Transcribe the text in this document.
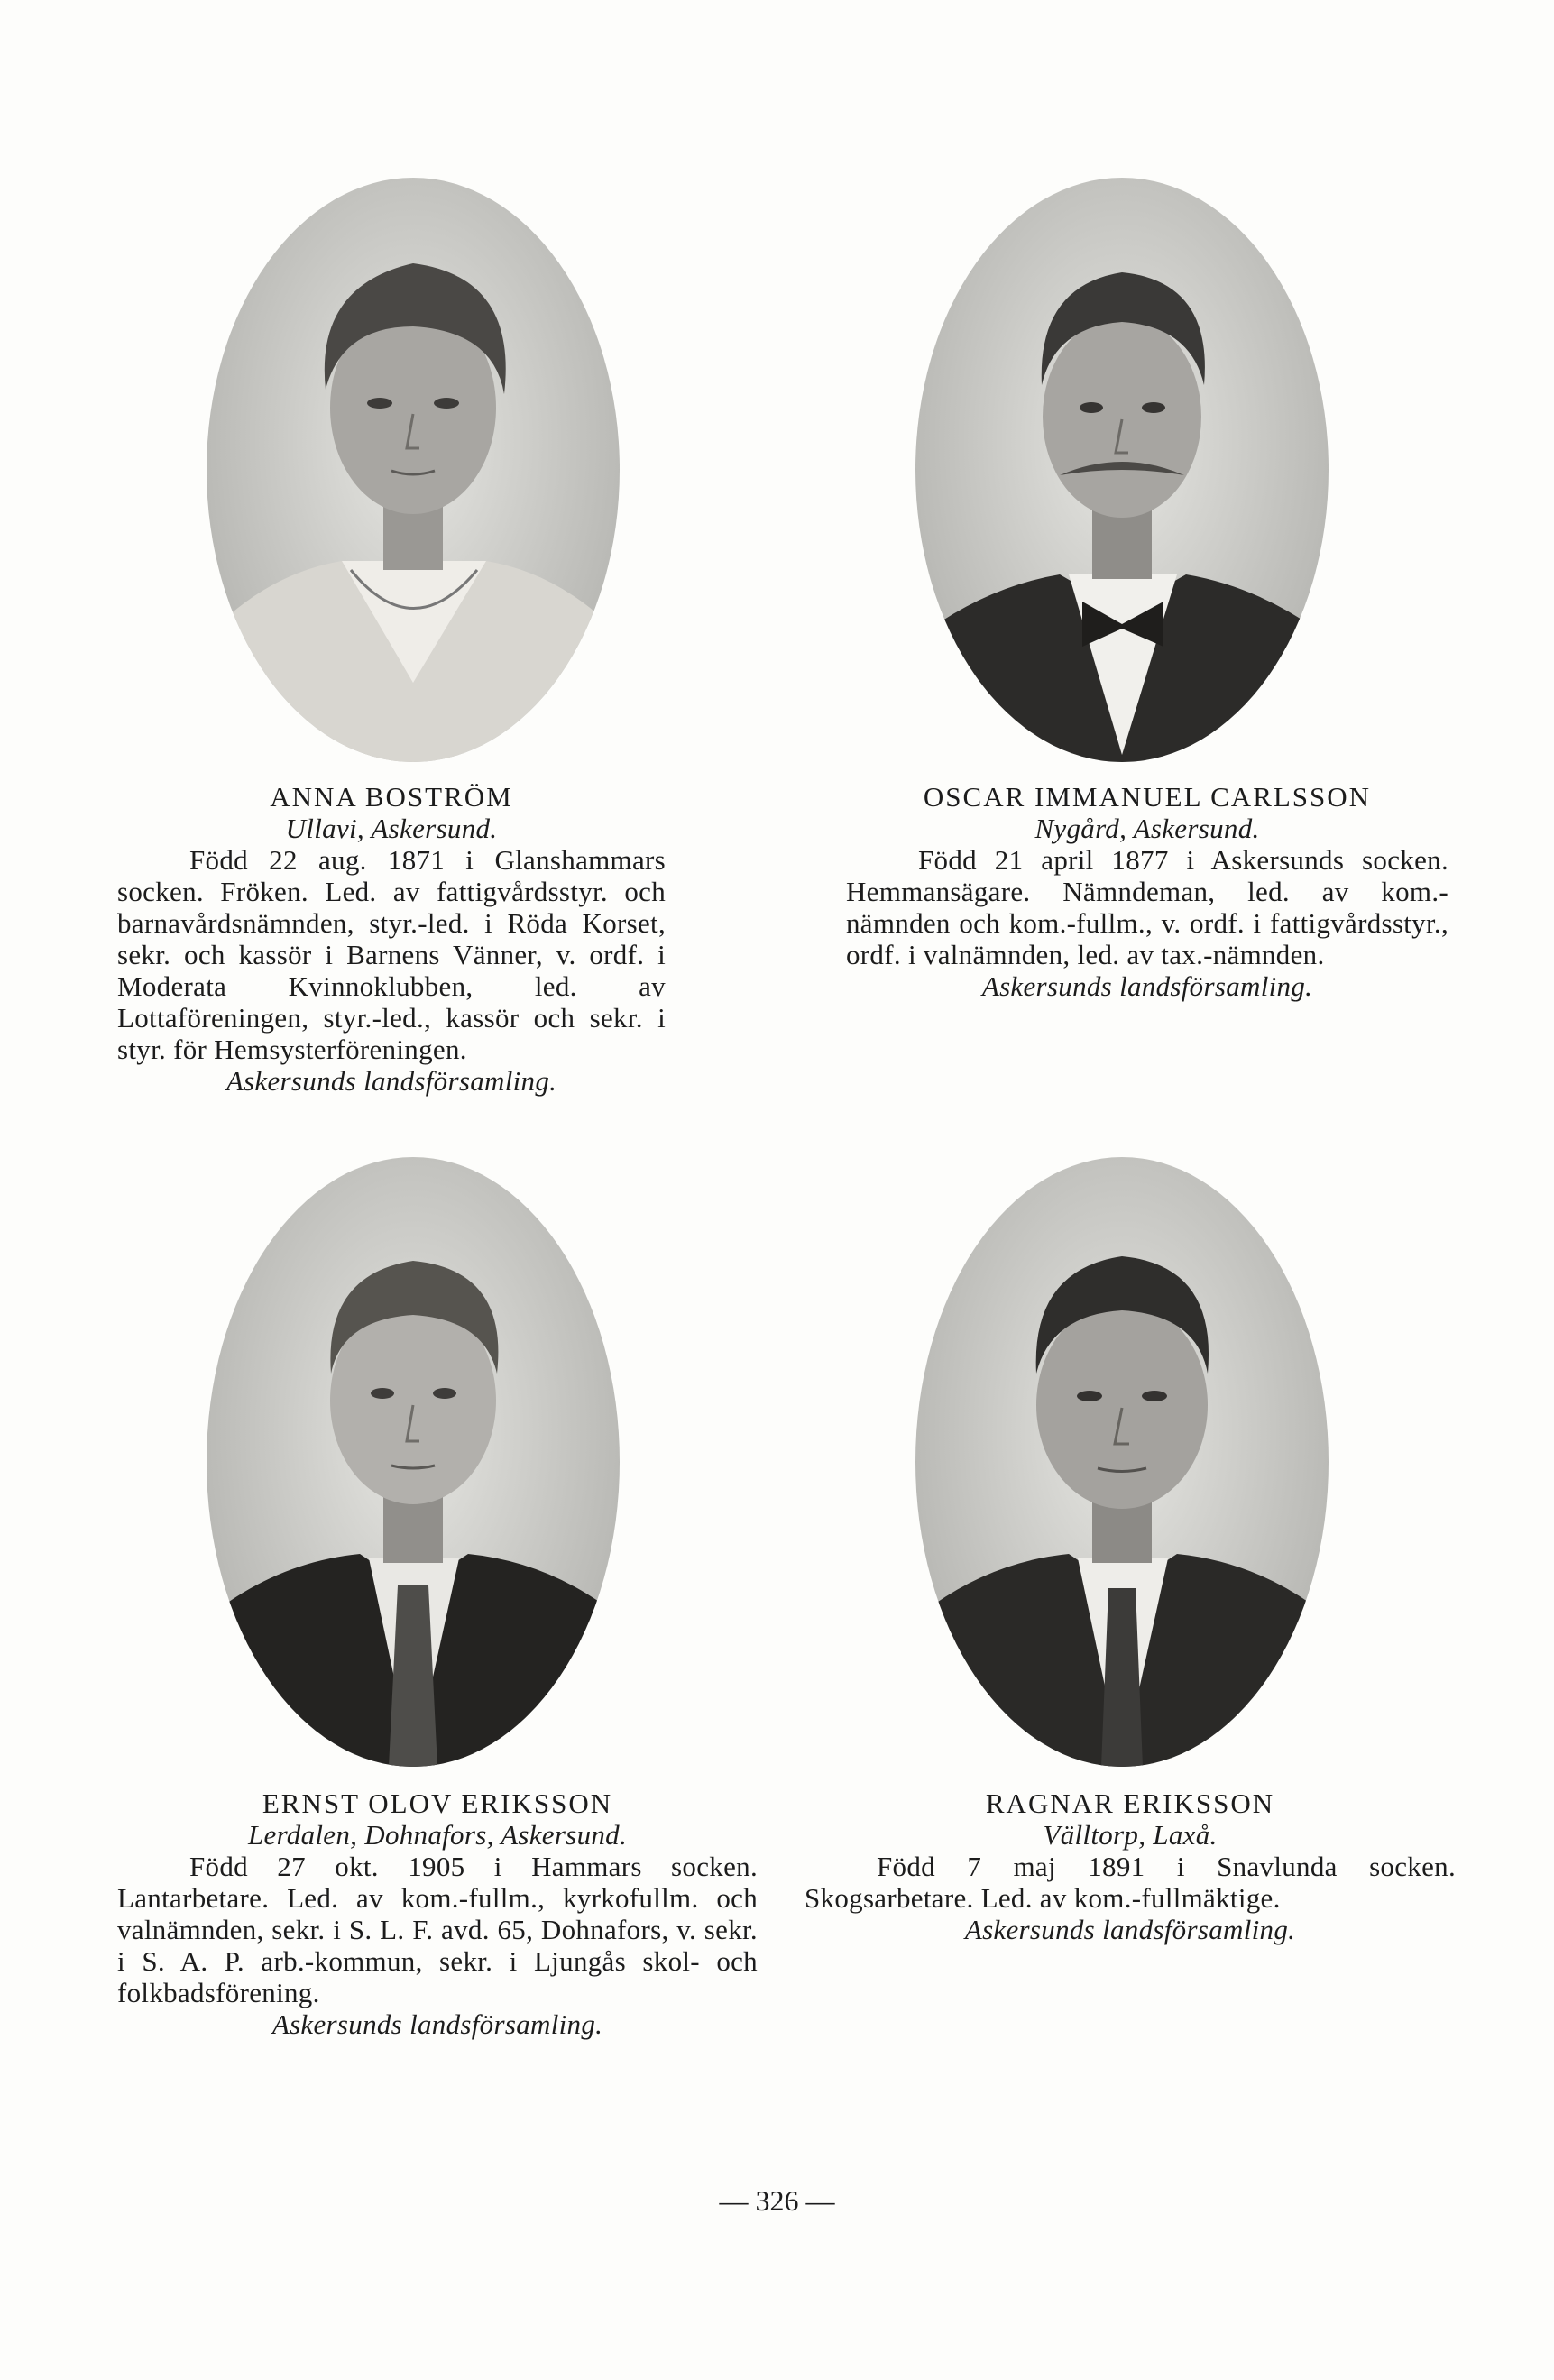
ANNA BOSTRÖM

Ullavi, Askersund.

Född 22 aug. 1871 i Glanshammars socken. Fröken. Led. av fattigvårdsstyr. och barnavårdsnämnden, styr.-led. i Röda Korset, sekr. och kassör i Barnens Vänner, v. ordf. i Moderata Kvinnoklubben, led. av Lottaföreningen, styr.-led., kassör och sekr. i styr. för Hemsysterföreningen.

Askersunds landsförsamling.

OSCAR IMMANUEL CARLSSON

Nygård, Askersund.

Född 21 april 1877 i Askersunds socken. Hemmansägare. Nämndeman, led. av kom.-nämnden och kom.-fullm., v. ordf. i fattigvårdsstyr., ordf. i valnämnden, led. av tax.-nämnden.

Askersunds landsförsamling.

ERNST OLOV ERIKSSON

Lerdalen, Dohnafors, Askersund.

Född 27 okt. 1905 i Hammars socken. Lantarbetare. Led. av kom.-fullm., kyrkofullm. och valnämnden, sekr. i S. L. F. avd. 65, Dohnafors, v. sekr. i S. A. P. arb.-kommun, sekr. i Ljungås skol- och folkbadsförening.

Askersunds landsförsamling.

RAGNAR ERIKSSON

Välltorp, Laxå.

Född 7 maj 1891 i Snavlunda socken. Skogsarbetare. Led. av kom.-fullmäktige.

Askersunds landsförsamling.

— 326 —
